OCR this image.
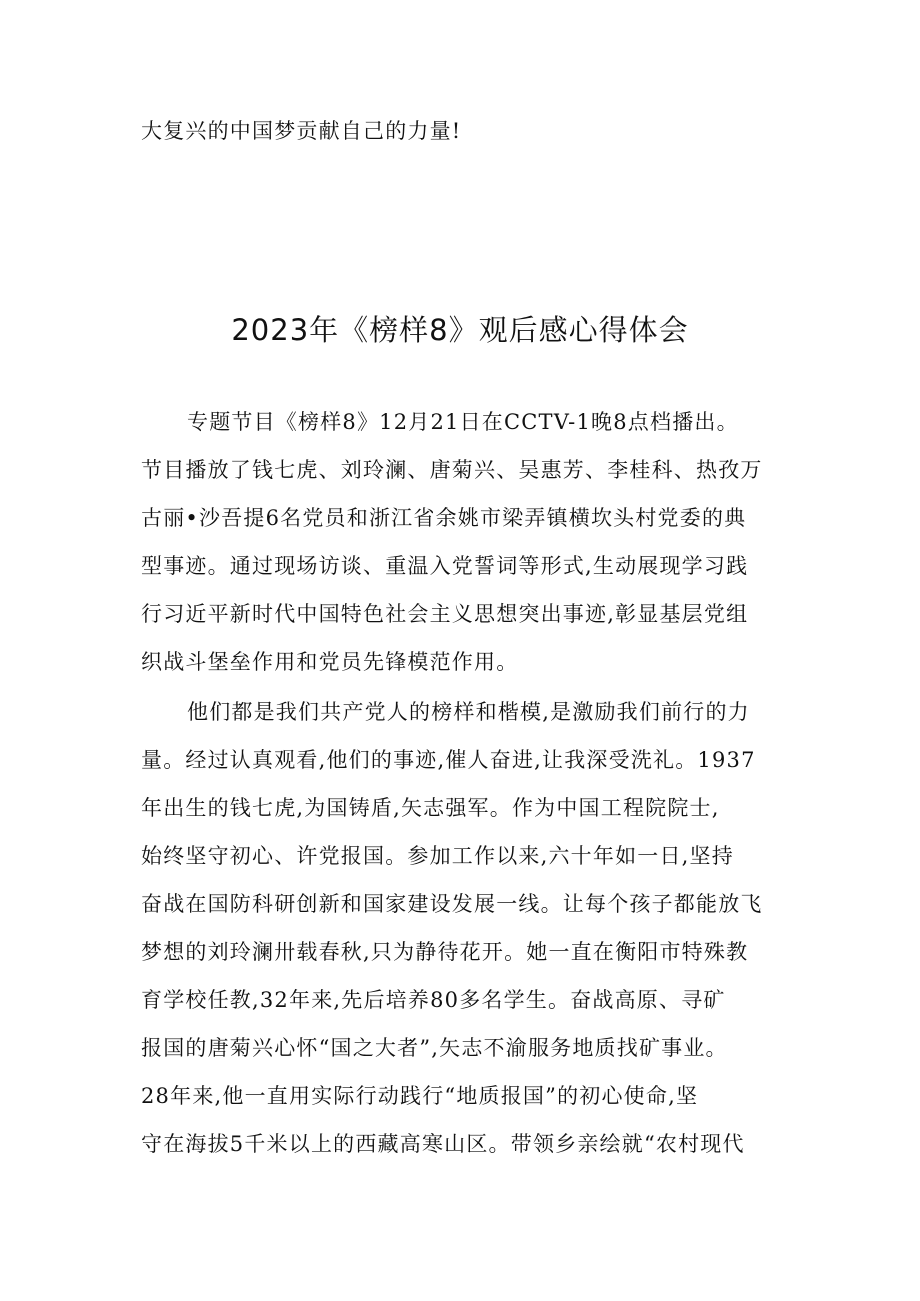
大复兴的中国梦贡献自己的力量!
2023年《榜样8》观后感心得体会
专题节目《榜样8》12月21日在CCTV-1晚8点档播出。
节目播放了钱七虎、刘玲澜、唐菊兴、吴惠芳、李桂科、热孜万
古丽•沙吾提6名党员和浙江省余姚市梁弄镇横坎头村党委的典
型事迹。通过现场访谈、重温入党誓词等形式,生动展现学习践
行习近平新时代中国特色社会主义思想突出事迹,彰显基层党组
织战斗堡垒作用和党员先锋模范作用。
他们都是我们共产党人的榜样和楷模,是激励我们前行的力
量。经过认真观看,他们的事迹,催人奋进,让我深受洗礼。1937
年出生的钱七虎,为国铸盾,矢志强军。作为中国工程院院士,
始终坚守初心、许党报国。参加工作以来,六十年如一日,坚持
奋战在国防科研创新和国家建设发展一线。让每个孩子都能放飞
梦想的刘玲澜卅载春秋,只为静待花开。她一直在衡阳市特殊教
育学校任教,32年来,先后培养80多名学生。奋战高原、寻矿
报国的唐菊兴心怀“国之大者”,矢志不渝服务地质找矿事业。
28年来,他一直用实际行动践行“地质报国”的初心使命,坚
守在海拔5千米以上的西藏高寒山区。带领乡亲绘就“农村现代
